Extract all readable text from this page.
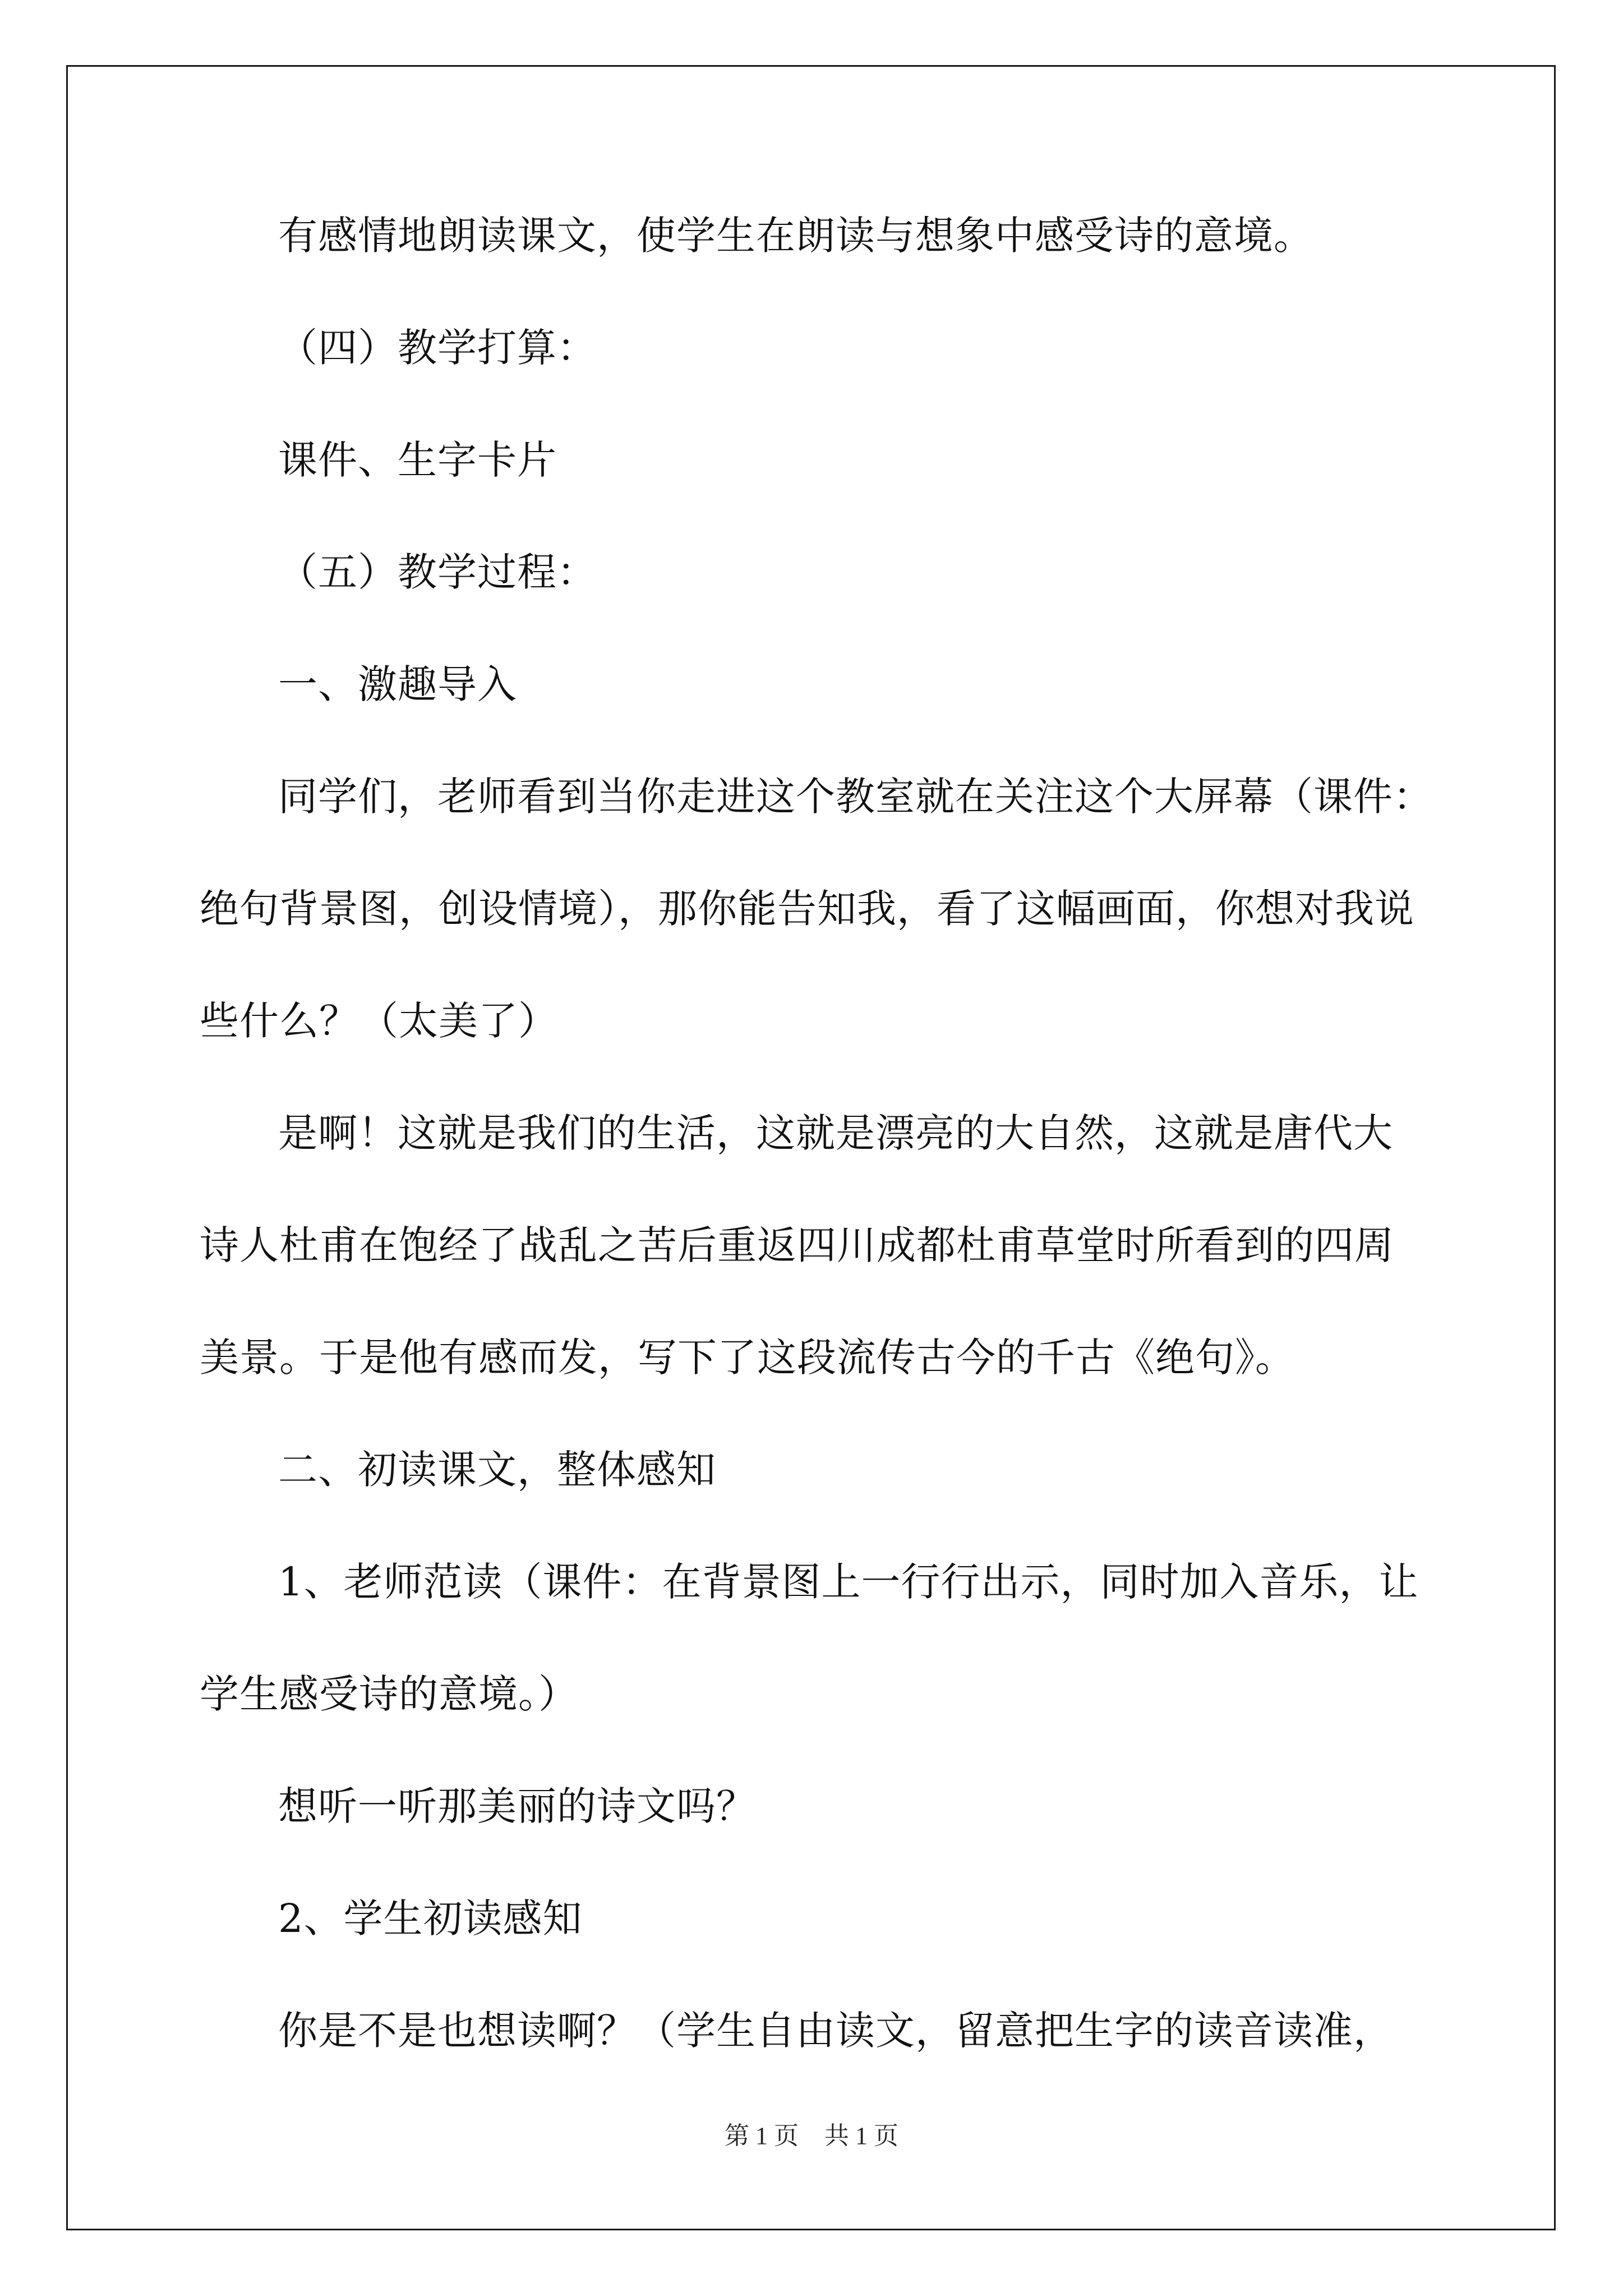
有感情地朗读课文，使学生在朗读与想象中感受诗的意境。
（四）教学打算：
课件、生字卡片
（五）教学过程：
一、激趣导入
同学们，老师看到当你走进这个教室就在关注这个大屏幕（课件：
绝句背景图，创设情境），那你能告知我，看了这幅画面，你想对我说
些什么？（太美了）
是啊！这就是我们的生活，这就是漂亮的大自然，这就是唐代大
诗人杜甫在饱经了战乱之苦后重返四川成都杜甫草堂时所看到的四周
美景。于是他有感而发，写下了这段流传古今的千古《绝句》。
二、初读课文，整体感知
1、老师范读（课件：在背景图上一行行出示，同时加入音乐，让
学生感受诗的意境。）
想听一听那美丽的诗文吗？
2、学生初读感知
你是不是也想读啊？（学生自由读文，留意把生字的读音读准，
第 1 页 共 1 页
